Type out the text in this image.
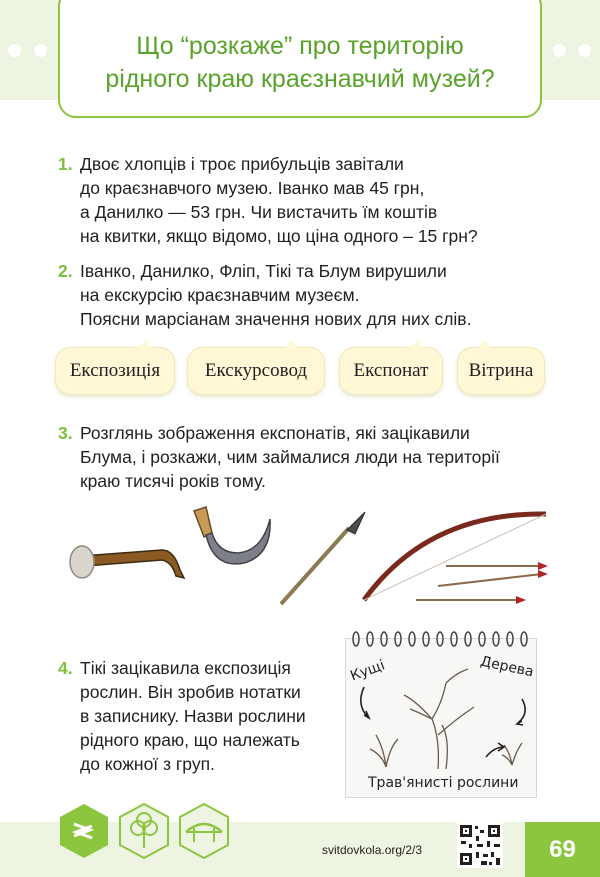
Що “розкаже” про територію
рідного краю краєзнавчий музей?
1. Двоє хлопців і троє прибульців завітали
до краєзнавчого музею. Іванко мав 45 грн,
а Данилко — 53 грн. Чи вистачить їм коштів
на квитки, якщо відомо, що ціна одного – 15 грн?
2. Іванко, Данилко, Фліп, Тікі та Блум вирушили
на екскурсію краєзнавчим музеєм.
Поясни марсіанам значення нових для них слів.
Експозиція	Екскурсовод	Експонат	Вітрина
3. Розглянь зображення експонатів, які зацікавили
Блума, і розкажи, чим займалися люди на території
краю тисячі років тому.
4. Тікі зацікавила експозиція
рослин. Він зробив нотатки
в записнику. Назви рослини
рідного краю, що належать
до кожної з груп.
Кущі	Дерева
Трав'янисті рослини
svitdovkola.org/2/3	69
